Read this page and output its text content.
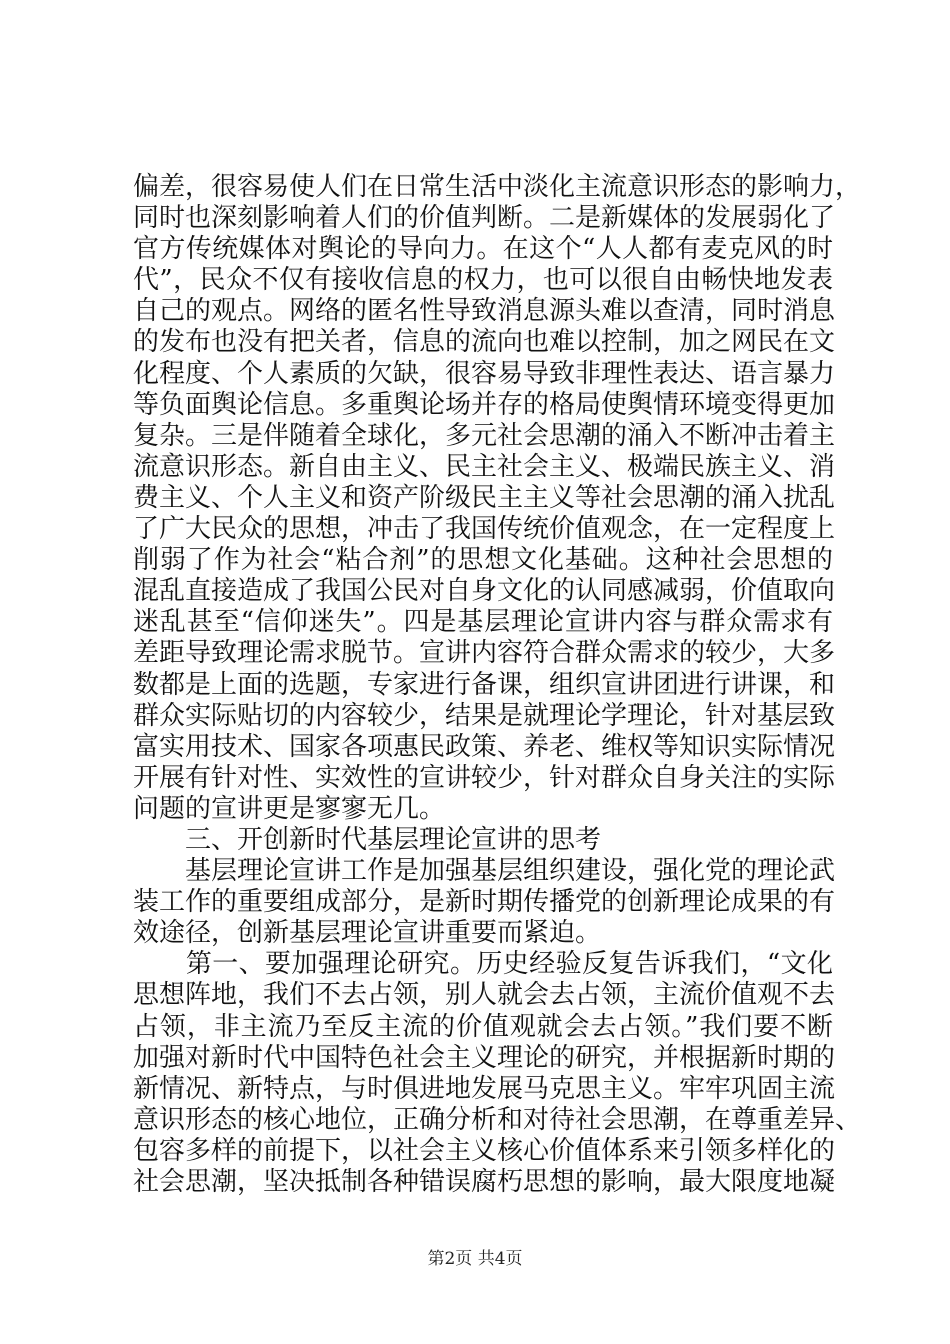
偏差，很容易使人们在日常生活中淡化主流意识形态的影响力，
同时也深刻影响着人们的价值判断。二是新媒体的发展弱化了
官方传统媒体对舆论的导向力。在这个“人人都有麦克风的时
代”，民众不仅有接收信息的权力，也可以很自由畅快地发表
自己的观点。网络的匿名性导致消息源头难以查清，同时消息
的发布也没有把关者，信息的流向也难以控制，加之网民在文
化程度、个人素质的欠缺，很容易导致非理性表达、语言暴力
等负面舆论信息。多重舆论场并存的格局使舆情环境变得更加
复杂。三是伴随着全球化，多元社会思潮的涌入不断冲击着主
流意识形态。新自由主义、民主社会主义、极端民族主义、消
费主义、个人主义和资产阶级民主主义等社会思潮的涌入扰乱
了广大民众的思想，冲击了我国传统价值观念，在一定程度上
削弱了作为社会“粘合剂”的思想文化基础。这种社会思想的
混乱直接造成了我国公民对自身文化的认同感减弱，价值取向
迷乱甚至“信仰迷失”。四是基层理论宣讲内容与群众需求有
差距导致理论需求脱节。宣讲内容符合群众需求的较少，大多
数都是上面的选题，专家进行备课，组织宣讲团进行讲课，和
群众实际贴切的内容较少，结果是就理论学理论，针对基层致
富实用技术、国家各项惠民政策、养老、维权等知识实际情况
开展有针对性、实效性的宣讲较少，针对群众自身关注的实际
问题的宣讲更是寥寥无几。
　　三、开创新时代基层理论宣讲的思考
　　基层理论宣讲工作是加强基层组织建设，强化党的理论武
装工作的重要组成部分，是新时期传播党的创新理论成果的有
效途径，创新基层理论宣讲重要而紧迫。
　　第一、要加强理论研究。历史经验反复告诉我们，“文化
思想阵地，我们不去占领，别人就会去占领，主流价值观不去
占领，非主流乃至反主流的价值观就会去占领。”我们要不断
加强对新时代中国特色社会主义理论的研究，并根据新时期的
新情况、新特点，与时俱进地发展马克思主义。牢牢巩固主流
意识形态的核心地位，正确分析和对待社会思潮，在尊重差异、
包容多样的前提下，以社会主义核心价值体系来引领多样化的
社会思潮，坚决抵制各种错误腐朽思想的影响，最大限度地凝
第2页 共4页
